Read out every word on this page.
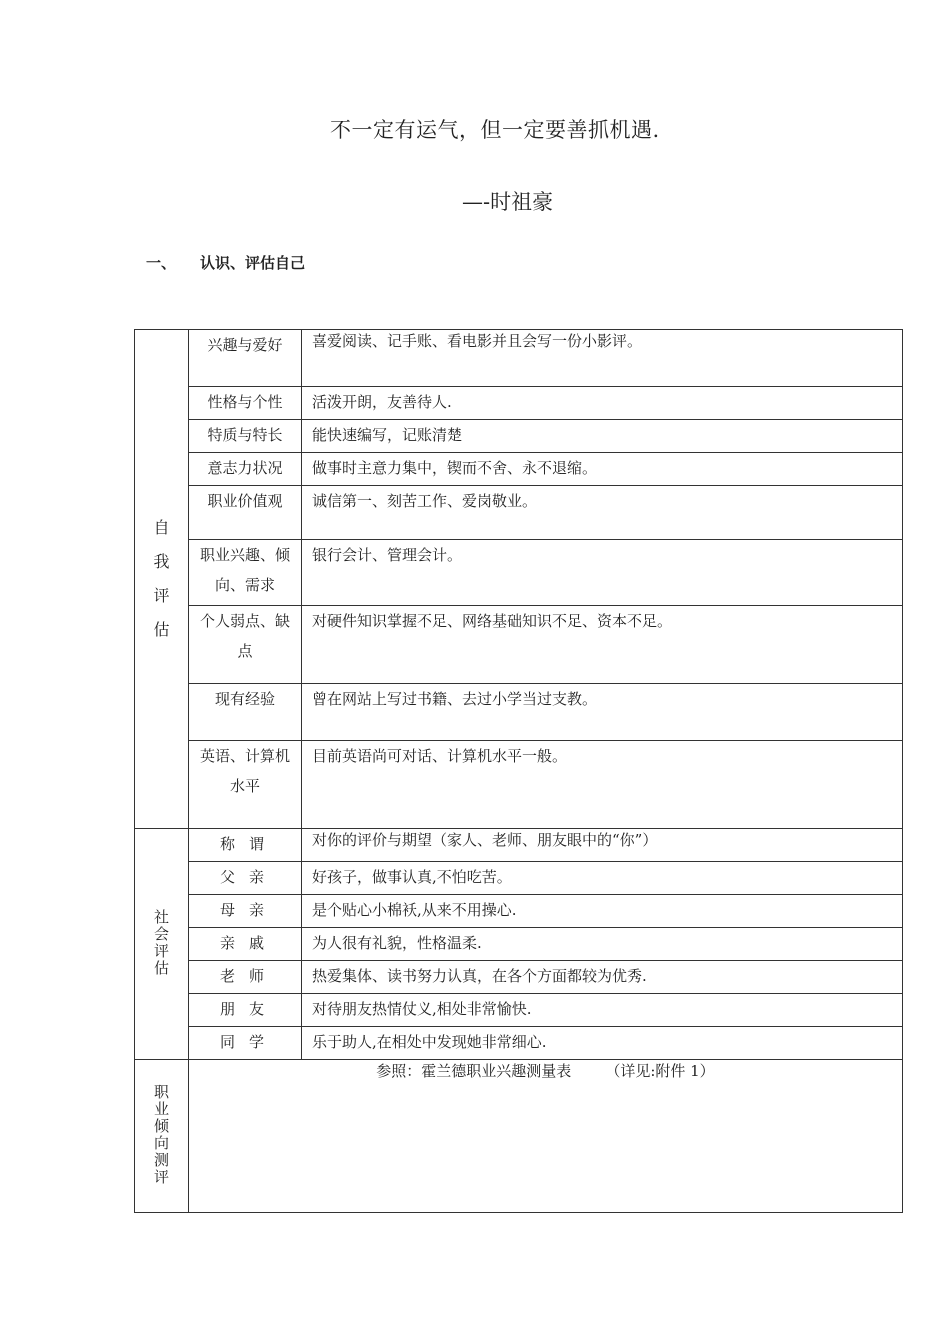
不一定有运气，但一定要善抓机遇.
—-时祖豪
一、 认识、评估自己
自我评估	兴趣与爱好	喜爱阅读、记手账、看电影并且会写一份小影评。

	性格与个性	活泼开朗，友善待人.

	特质与特长	能快速编写，记账清楚

	意志力状况	做事时主意力集中，锲而不舍、永不退缩。

	职业价值观	诚信第一、刻苦工作、爱岗敬业。

	职业兴趣、倾向、需求	银行会计、管理会计。

	个人弱点、缺点	对硬件知识掌握不足、网络基础知识不足、资本不足。

	现有经验	曾在网站上写过书籍、去过小学当过支教。

	英语、计算机水平	目前英语尚可对话、计算机水平一般。

社会评估	称谓	对你的评价与期望（家人、老师、朋友眼中的“你”）

	父亲	好孩子，做事认真,不怕吃苦。

	母亲	是个贴心小棉袄,从来不用操心.

	亲戚	为人很有礼貌，性格温柔.

	老师	热爱集体、读书努力认真，在各个方面都较为优秀.

	朋友	对待朋友热情仗义,相处非常愉快.

	同学	乐于助人,在相处中发现她非常细心.

职业倾向测评	参照：霍兰德职业兴趣测量表 （详见:附件 1）	
